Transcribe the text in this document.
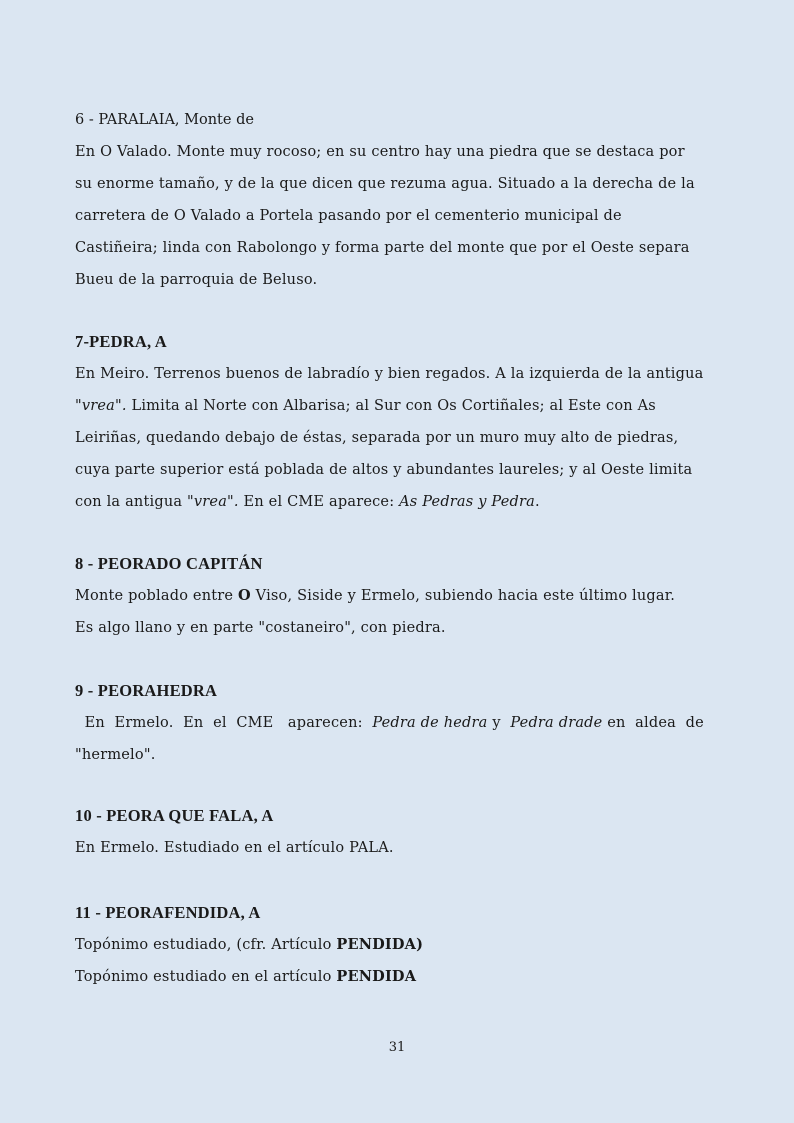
6 - PARALAIA, Monte de
En O Valado. Monte muy rocoso; en su centro hay una piedra que se destaca por
su enorme tamaño, y de la que dicen que rezuma agua. Situado a la derecha de la
carretera de O Valado a Portela pasando por el cementerio municipal de
Castiñeira; linda con Rabolongo y forma parte del monte que por el Oeste separa
Bueu de la parroquia de Beluso.
7-PEDRA, A
En Meiro. Terrenos buenos de labradío y bien regados. A la izquierda de la antigua
"vrea". Limita al Norte con Albarisa; al Sur con Os Cortiñales; al Este con As
Leiriñas, quedando debajo de éstas, separada por un muro muy alto de piedras,
cuya parte superior está poblada de altos y abundantes laureles; y al Oeste limita
con la antigua "vrea". En el CME aparece: As Pedras y Pedra.
8 - PEORADO CAPITÁN
Monte poblado entre O Viso, Siside y Ermelo, subiendo hacia este último lugar.
Es algo llano y en parte "costaneiro", con piedra.
9 - PEORAHEDRA
En  Ermelo.  En  el  CME   aparecen:  Pedra de hedra y  Pedra drade en  aldea  de
"hermelo".
10 - PEORA QUE FALA, A
En Ermelo. Estudiado en el artículo PALA.
11 - PEORAFENDIDA, A
Topónimo estudiado, (cfr. Artículo PENDIDA)
Topónimo estudiado en el artículo PENDIDA
31
